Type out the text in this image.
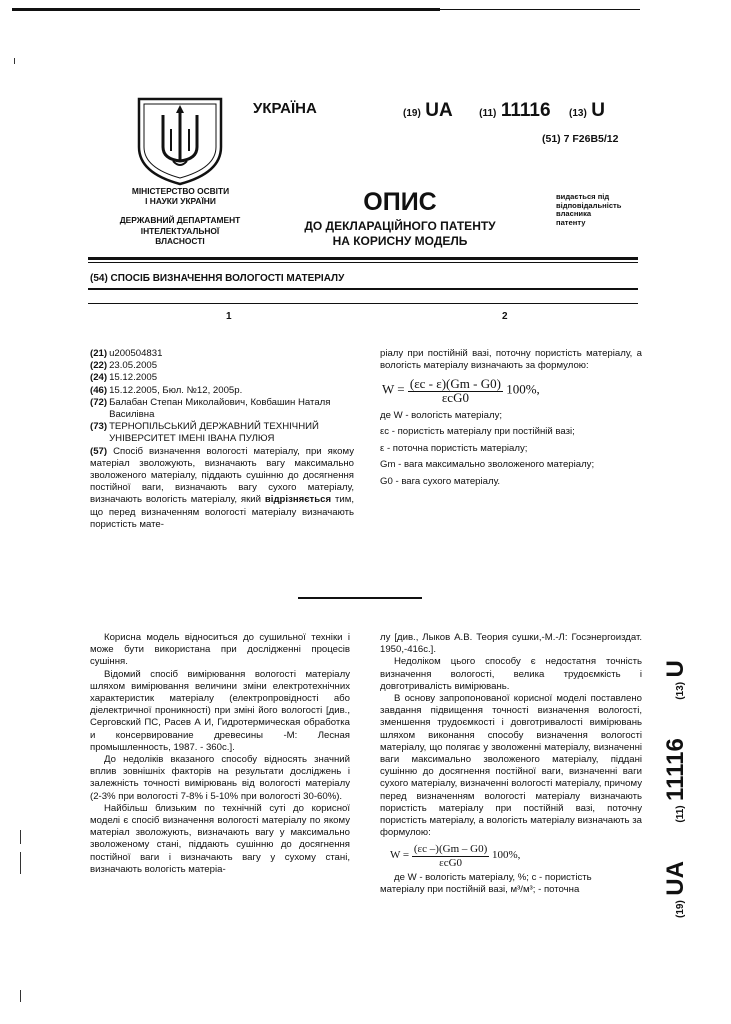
УКРАЇНА	(19) UA	(11) 11116 (13) U
(51) 7 F26B5/12
МІНІСТЕРСТВО ОСВІТИ
І НАУКИ УКРАЇНИ
ДЕРЖАВНИЙ ДЕПАРТАМЕНТ
ІНТЕЛЕКТУАЛЬНОЇ
ВЛАСНОСТІ
ОПИС
ДО ДЕКЛАРАЦІЙНОГО ПАТЕНТУ
НА КОРИСНУ МОДЕЛЬ
видається під
відповідальність
власника
патенту
(54) СПОСІБ ВИЗНАЧЕННЯ ВОЛОГОСТІ МАТЕРІАЛУ
1	2
(21) u200504831
(22) 23.05.2005
(24) 15.12.2005
(46) 15.12.2005, Бюл. №12, 2005р.
(72) Балабан Степан Миколайович, Ковбашин Наталя Василівна
(73) ТЕРНОПІЛЬСЬКИЙ ДЕРЖАВНИЙ ТЕХНІЧНИЙ УНІВЕРСИТЕТ ІМЕНІ ІВАНА ПУЛЮЯ
(57) Спосіб визначення вологості матеріалу, при якому матеріал зволожують, визначають вагу максимально зволоженого матеріалу, піддають сушінню до досягнення постійної ваги, визначають вагу сухого матеріалу, визначають вологість матеріалу, який відрізняється тим, що перед визначенням вологості матеріалу визначають пористість мате-

ріалу при постійній вазі, поточну пористість матеріалу, а вологість матеріалу визначають за формулою:

$W = \frac{(\varepsilon с - \varepsilon)(Gm - G0)}{\text{εсG0}} 100\%$,
де W - вологість матеріалу;
εс - пористість матеріалу при постійній вазі;
ε - поточна пористість матеріалу;
Gm - вага максимально зволоженого матеріалу;
G0 - вага сухого матеріалу.

Корисна модель відноситься до сушильної техніки і може бути використана при дослідженні процесів сушіння.

Відомий спосіб вимірювання вологості матеріалу шляхом вимірювання величини зміни електротехнічних характеристик матеріалу (електропровідності або діелектричної проникності) при зміні його вологості [див., Серговский ПС, Расев А И, Гидротермическая обработка и консервирование древесины -М: Лесная промышленность, 1987. - 360с.].

До недоліків вказаного способу відносять значний вплив зовнішніх факторів на результати досліджень і залежність точності вимірювань від вологості матеріалу (2-3% при вологості 7-8% і 5-10% при вологості 30-60%).

Найбільш близьким по технічній суті до корисної моделі є спосіб визначення вологості матеріалу по якому матеріал зволожують, визначають вагу у максимально зволоженому стані, піддають сушінню до досягнення постійної ваги і визначають вагу у сухому стані, визначають вологість матеріа-

лу [див., Лыков А.В. Теория сушки,-М.-Л: Госэнергоиздат. 1950,-416с.].

Недоліком цього способу є недостатня точність визначення вологості, велика трудоємкість і довготривалість вимірювань.

В основу запропонованої корисної моделі поставлено завдання підвищення точності визначення вологості, зменшення трудоємкості і довготривалості вимірювань шляхом виконання способу визначення вологості матеріалу, що полягає у зволоженні матеріалу, визначенні ваги максимально зволоженого матеріалу, піддані сушінню до досягнення постійної ваги, визначенні ваги сухого матеріалу, визначенні вологості матеріалу, причому перед визначенням вологості матеріалу визначають пористість матеріалу при постійній вазі, поточну пористість матеріалу, а вологість матеріалу визначають за формулою:

$W = \frac{(\varepsilon с -)(Gm - G0)}{\text{εсG0}} 100\%$,

де W - вологість матеріалу, %; с - пористість

матеріалу при постійній вазі, м³/м³; - поточна

(19) UA (11) 11116 (13) U
